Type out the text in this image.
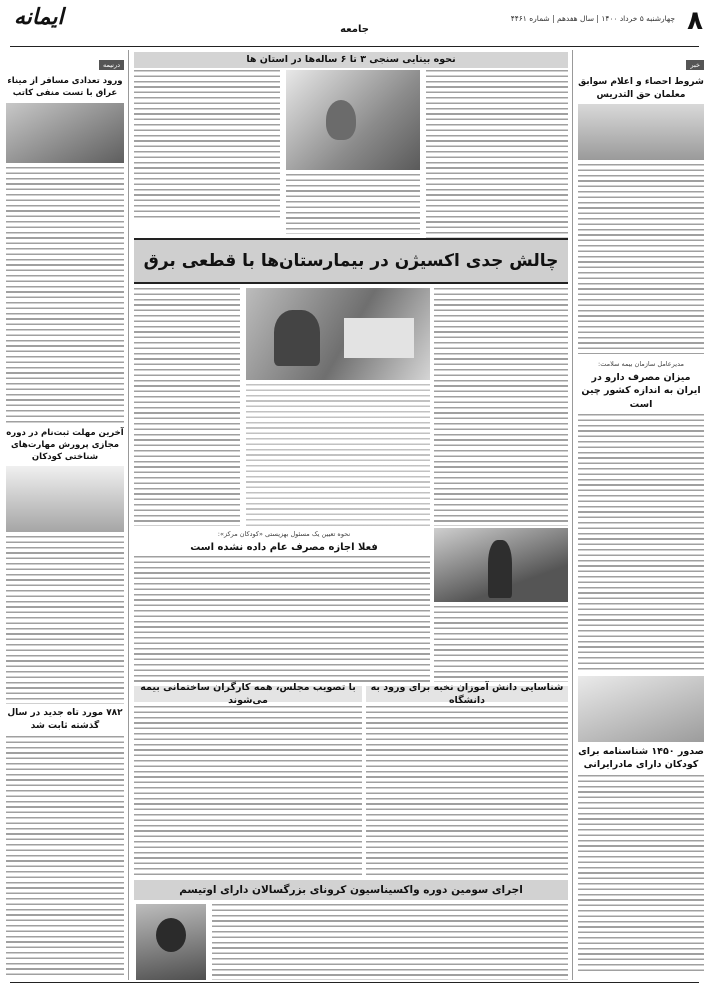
۸
چهارشنبه ۵ خرداد ۱۴۰۰ | سال هفدهم | شماره ۴۴۶۱
ایمانه	جامعه
خبر
شروط احصاء و اعلام سوابق معلمان حق التدریس
مدیرعامل سازمان بیمه سلامت:
میزان مصرف دارو در ایران به اندازه کشور چین است
صدور ۱۴۵۰ شناسنامه برای کودکان دارای مادرایرانی
درنیمه
ورود تعدادی مسافر از میناء عراق با تست منفی کاتب
آخرین مهلت ثبت‌نام در دوره مجازی پرورش مهارت‌های شناختی کودکان
۷۸۲ مورد تاه جدید در سال گذشته ثابت شد
نحوه بینایی سنجی ۳ تا ۶ ساله‌ها در استان ها
چالش جدی اکسیژن در بیمارستان‌ها با قطعی برق
نحوه تعیین یک مسئول بهزیستی «کودکان مرکز»:
فعلا اجازه مصرف عام داده نشده است
با تصویب مجلس، همه کارگران ساختمانی بیمه می‌شوند
شناسایی دانش آموزان نخبه برای ورود به دانشگاه
اجرای سومین دوره واکسیناسیون کرونای بزرگسالان دارای اوتیسم
